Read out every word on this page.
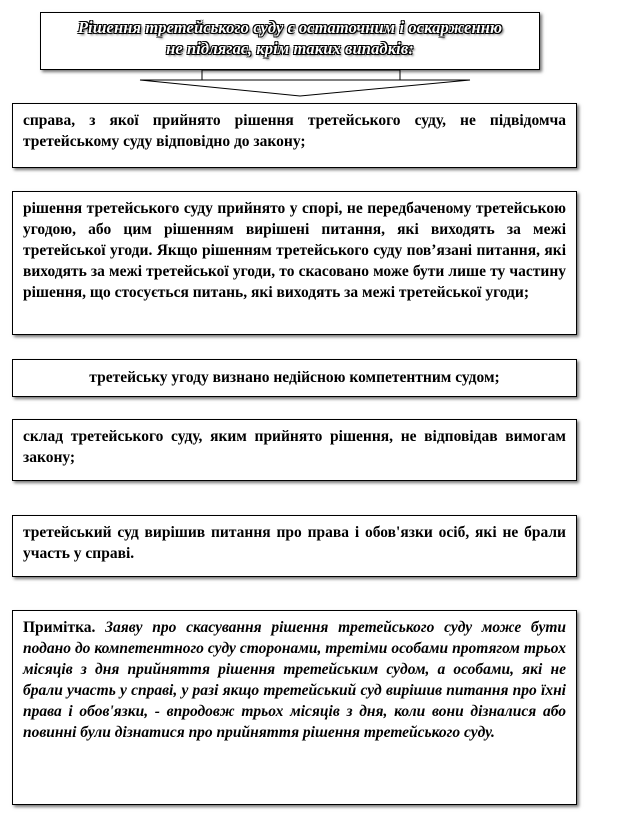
Рішення третейського суду є остаточним і оскарженню
не підлягає, крім таких випадків:
справа, з якої прийнято рішення третейського суду, не підвідомча третейському суду відповідно до закону;
рішення третейського суду прийнято у спорі, не передбаченому третейською угодою, або цим рішенням вирішені питання, які виходять за межі третейської угоди. Якщо рішенням третейського суду пов’язані питання, які виходять за межі третейської угоди, то скасовано може бути лише ту частину рішення, що стосується питань, які виходять за межі третейської угоди;
третейську угоду визнано недійсною компетентним судом;
склад третейського суду, яким прийнято рішення, не відповідав вимогам закону;
третейський суд вирішив питання про права і обов'язки осіб, які не брали участь у справі.
Примітка. Заяву про скасування рішення третейського суду може бути подано до компетентного суду сторонами, третіми особами протягом трьох місяців з дня прийняття рішення третейським судом, а особами, які не брали участь у справі, у разі якщо третейський суд вирішив питання про їхні права і обов'язки, - впродовж трьох місяців з дня, коли вони дізналися або повинні були дізнатися про прийняття рішення третейського суду.
